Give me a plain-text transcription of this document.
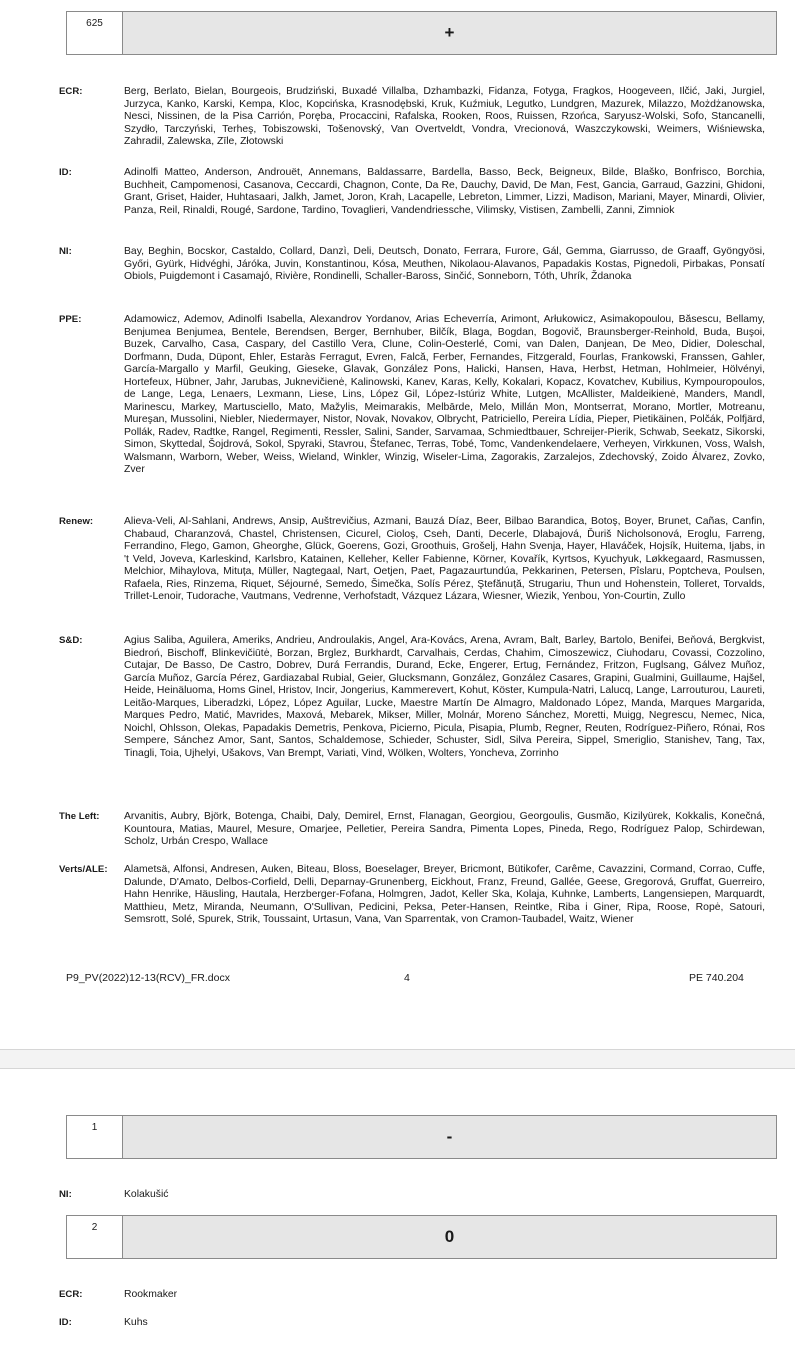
625	+
ECR:	Berg, Berlato, Bielan, Bourgeois, Brudziński, Buxadé Villalba, Dzhambazki, Fidanza, Fotyga, Fragkos, Hoogeveen, Ilčić, Jaki, Jurgiel, Jurzyca, Kanko, Karski, Kempa, Kloc, Kopcińska, Krasnodębski, Kruk, Kuźmiuk, Legutko, Lundgren, Mazurek, Milazzo, Możdżanowska, Nesci, Nissinen, de la Pisa Carrión, Poręba, Procaccini, Rafalska, Rooken, Roos, Ruissen, Rzońca, Saryusz-Wolski, Sofo, Stancanelli, Szydło, Tarczyński, Terheş, Tobiszowski, Tošenovský, Van Overtveldt, Vondra, Vrecionová, Waszczykowski, Weimers, Wiśniewska, Zahradil, Zalewska, Zīle, Złotowski
ID:	Adinolfi Matteo, Anderson, Androuët, Annemans, Baldassarre, Bardella, Basso, Beck, Beigneux, Bilde, Blaško, Bonfrisco, Borchia, Buchheit, Campomenosi, Casanova, Ceccardi, Chagnon, Conte, Da Re, Dauchy, David, De Man, Fest, Gancia, Garraud, Gazzini, Ghidoni, Grant, Griset, Haider, Huhtasaari, Jalkh, Jamet, Joron, Krah, Lacapelle, Lebreton, Limmer, Lizzi, Madison, Mariani, Mayer, Minardi, Olivier, Panza, Reil, Rinaldi, Rougé, Sardone, Tardino, Tovaglieri, Vandendriessche, Vilimsky, Vistisen, Zambelli, Zanni, Zimniok
NI:	Bay, Beghin, Bocskor, Castaldo, Collard, Danzì, Deli, Deutsch, Donato, Ferrara, Furore, Gál, Gemma, Giarrusso, de Graaff, Gyöngyösi, Győri, Gyürk, Hidvéghi, Járóka, Juvin, Konstantinou, Kósa, Meuthen, Nikolaou-Alavanos, Papadakis Kostas, Pignedoli, Pirbakas, Ponsatí Obiols, Puigdemont i Casamajó, Rivière, Rondinelli, Schaller-Baross, Sinčić, Sonneborn, Tóth, Uhrík, Ždanoka
PPE:	Adamowicz, Ademov, Adinolfi Isabella, Alexandrov Yordanov, Arias Echeverría, Arimont, Arłukowicz, Asimakopoulou, Băsescu, Bellamy, Benjumea Benjumea, Bentele, Berendsen, Berger, Bernhuber, Bilčík, Blaga, Bogdan, Bogovič, Braunsberger-Reinhold, Buda, Buşoi, Buzek, Carvalho, Casa, Caspary, del Castillo Vera, Clune, Colin-Oesterlé, Comi, van Dalen, Danjean, De Meo, Didier, Doleschal, Dorfmann, Duda, Düpont, Ehler, Estaràs Ferragut, Evren, Falcă, Ferber, Fernandes, Fitzgerald, Fourlas, Frankowski, Franssen, Gahler, García-Margallo y Marfil, Geuking, Gieseke, Glavak, González Pons, Halicki, Hansen, Hava, Herbst, Hetman, Hohlmeier, Hölvényi, Hortefeux, Hübner, Jahr, Jarubas, Juknevičienė, Kalinowski, Kanev, Karas, Kelly, Kokalari, Kopacz, Kovatchev, Kubilius, Kympouropoulos, de Lange, Lega, Lenaers, Lexmann, Liese, Lins, López Gil, López-Istúriz White, Lutgen, McAllister, Maldeikienė, Manders, Mandl, Marinescu, Markey, Martusciello, Mato, Mažylis, Meimarakis, Melbārde, Melo, Millán Mon, Montserrat, Morano, Mortler, Motreanu, Mureşan, Mussolini, Niebler, Niedermayer, Nistor, Novak, Novakov, Olbrycht, Patriciello, Pereira Lídia, Pieper, Pietikäinen, Polčák, Polfjärd, Pollák, Radev, Radtke, Rangel, Regimenti, Ressler, Salini, Sander, Sarvamaa, Schmiedtbauer, Schreijer-Pierik, Schwab, Seekatz, Sikorski, Simon, Skyttedal, Šojdrová, Sokol, Spyraki, Stavrou, Štefanec, Terras, Tobé, Tomc, Vandenkendelaere, Verheyen, Virkkunen, Voss, Walsh, Walsmann, Warborn, Weber, Weiss, Wieland, Winkler, Winzig, Wiseler-Lima, Zagorakis, Zarzalejos, Zdechovský, Zoido Álvarez, Zovko, Zver
Renew:	Alieva-Veli, Al-Sahlani, Andrews, Ansip, Auštrevičius, Azmani, Bauzá Díaz, Beer, Bilbao Barandica, Botoş, Boyer, Brunet, Cañas, Canfin, Chabaud, Charanzová, Chastel, Christensen, Cicurel, Cioloş, Cseh, Danti, Decerle, Dlabajová, Ďuriš Nicholsonová, Eroglu, Farreng, Ferrandino, Flego, Gamon, Gheorghe, Glück, Goerens, Gozi, Groothuis, Grošelj, Hahn Svenja, Hayer, Hlaváček, Hojsík, Huitema, Ijabs, in 't Veld, Joveva, Karleskind, Karlsbro, Katainen, Kelleher, Keller Fabienne, Körner, Kovařík, Kyrtsos, Kyuchyuk, Løkkegaard, Rasmussen, Melchior, Mihaylova, Mituța, Müller, Nagtegaal, Nart, Oetjen, Paet, Pagazaurtundúa, Pekkarinen, Petersen, Pîslaru, Poptcheva, Poulsen, Rafaela, Ries, Rinzema, Riquet, Séjourné, Semedo, Šimečka, Solís Pérez, Ştefănuță, Strugariu, Thun und Hohenstein, Tolleret, Torvalds, Trillet-Lenoir, Tudorache, Vautmans, Vedrenne, Verhofstadt, Vázquez Lázara, Wiesner, Wiezik, Yenbou, Yon-Courtin, Zullo
S&D:	Agius Saliba, Aguilera, Ameriks, Andrieu, Androulakis, Angel, Ara-Kovács, Arena, Avram, Balt, Barley, Bartolo, Benifei, Beňová, Bergkvist, Biedroń, Bischoff, Blinkevičiūtė, Borzan, Brglez, Burkhardt, Carvalhais, Cerdas, Chahim, Cimoszewicz, Ciuhodaru, Covassi, Cozzolino, Cutajar, De Basso, De Castro, Dobrev, Durá Ferrandis, Durand, Ecke, Engerer, Ertug, Fernández, Fritzon, Fuglsang, Gálvez Muñoz, García Muñoz, García Pérez, Gardiazabal Rubial, Geier, Glucksmann, González, González Casares, Grapini, Gualmini, Guillaume, Hajšel, Heide, Heinäluoma, Homs Ginel, Hristov, Incir, Jongerius, Kammerevert, Kohut, Köster, Kumpula-Natri, Lalucq, Lange, Larrouturou, Laureti, Leitão-Marques, Liberadzki, López, López Aguilar, Lucke, Maestre Martín De Almagro, Maldonado López, Manda, Marques Margarida, Marques Pedro, Matić, Mavrides, Maxová, Mebarek, Mikser, Miller, Molnár, Moreno Sánchez, Moretti, Muigg, Negrescu, Nemec, Nica, Noichl, Ohlsson, Olekas, Papadakis Demetris, Penkova, Picierno, Picula, Pisapia, Plumb, Regner, Reuten, Rodríguez-Piñero, Rónai, Ros Sempere, Sánchez Amor, Sant, Santos, Schaldemose, Schieder, Schuster, Sidl, Silva Pereira, Sippel, Smeriglio, Stanishev, Tang, Tax, Tinagli, Toia, Ujhelyi, Ušakovs, Van Brempt, Variati, Vind, Wölken, Wolters, Yoncheva, Zorrinho
The Left:	Arvanitis, Aubry, Björk, Botenga, Chaibi, Daly, Demirel, Ernst, Flanagan, Georgiou, Georgoulis, Gusmão, Kizilyürek, Kokkalis, Konečná, Kountoura, Matias, Maurel, Mesure, Omarjee, Pelletier, Pereira Sandra, Pimenta Lopes, Pineda, Rego, Rodríguez Palop, Schirdewan, Scholz, Urbán Crespo, Wallace
Verts/ALE:	Alametsä, Alfonsi, Andresen, Auken, Biteau, Bloss, Boeselager, Breyer, Bricmont, Bütikofer, Carême, Cavazzini, Cormand, Corrao, Cuffe, Dalunde, D'Amato, Delbos-Corfield, Delli, Deparnay-Grunenberg, Eickhout, Franz, Freund, Gallée, Geese, Gregorová, Gruffat, Guerreiro, Hahn Henrike, Häusling, Hautala, Herzberger-Fofana, Holmgren, Jadot, Keller Ska, Kolaja, Kuhnke, Lamberts, Langensiepen, Marquardt, Matthieu, Metz, Miranda, Neumann, O'Sullivan, Pedicini, Peksa, Peter-Hansen, Reintke, Riba i Giner, Ripa, Roose, Ropė, Satouri, Semsrott, Solé, Spurek, Strik, Toussaint, Urtasun, Vana, Van Sparrentak, von Cramon-Taubadel, Waitz, Wiener
P9_PV(2022)12-13(RCV)_FR.docx	4	PE 740.204
1	-
NI:	Kolakušić
2	0
ECR:	Rookmaker
ID:	Kuhs
